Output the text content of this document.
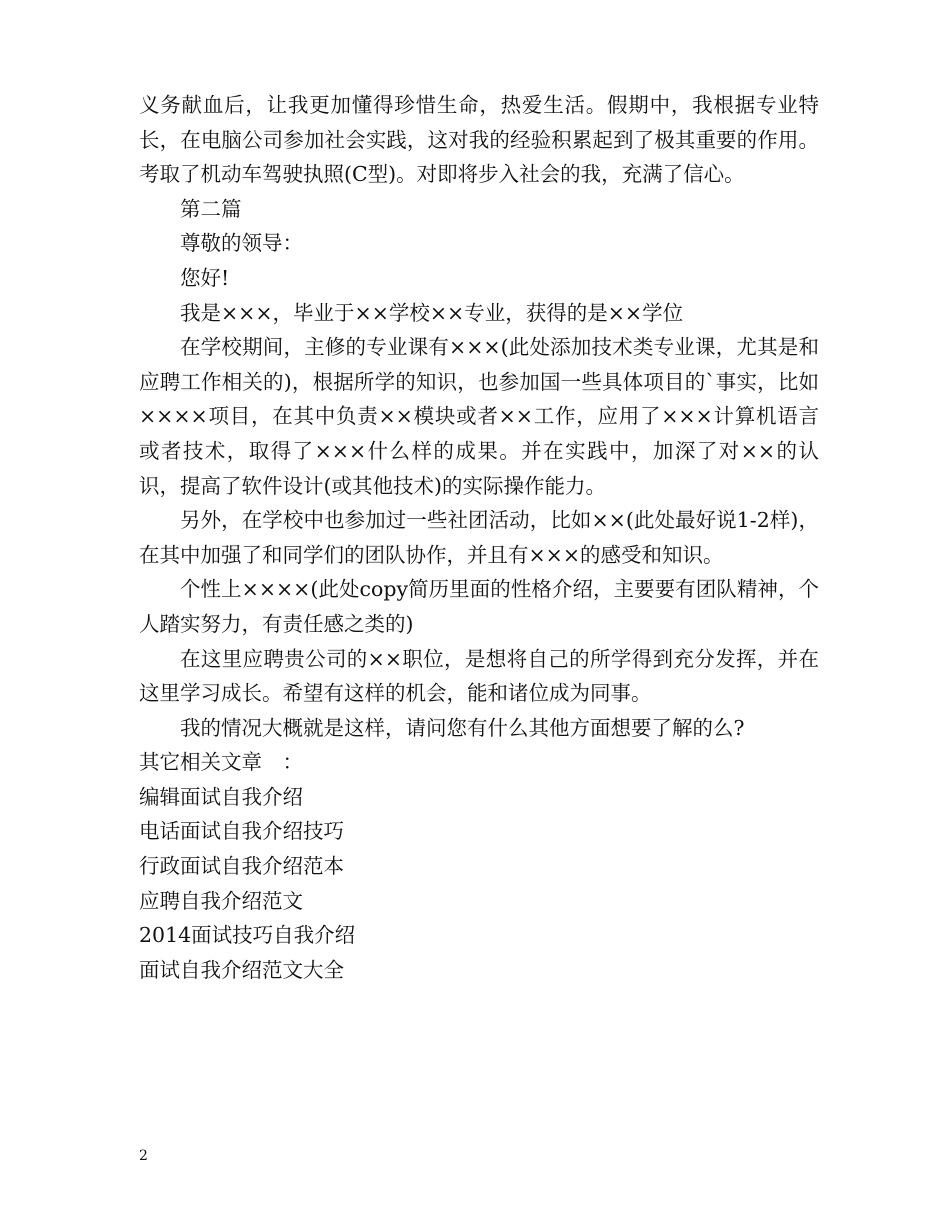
义务献血后，让我更加懂得珍惜生命，热爱生活。假期中，我根据专业特长，在电脑公司参加社会实践，这对我的经验积累起到了极其重要的作用。考取了机动车驾驶执照(C型)。对即将步入社会的我，充满了信心。

第二篇

尊敬的领导：

您好!

我是×××，毕业于××学校××专业，获得的是××学位

在学校期间，主修的专业课有×××(此处添加技术类专业课，尤其是和应聘工作相关的)，根据所学的知识，也参加国一些具体项目的`事实，比如××××项目，在其中负责××模块或者××工作，应用了×××计算机语言或者技术，取得了×××什么样的成果。并在实践中，加深了对××的认识，提高了软件设计(或其他技术)的实际操作能力。

另外，在学校中也参加过一些社团活动，比如××(此处最好说1-2样)，在其中加强了和同学们的团队协作，并且有×××的感受和知识。

个性上××××(此处copy简历里面的性格介绍，主要要有团队精神，个人踏实努力，有责任感之类的)

在这里应聘贵公司的××职位，是想将自己的所学得到充分发挥，并在这里学习成长。希望有这样的机会，能和诸位成为同事。

我的情况大概就是这样，请问您有什么其他方面想要了解的么?

其它相关文章　：

编辑面试自我介绍

电话面试自我介绍技巧

行政面试自我介绍范本

应聘自我介绍范文

2014面试技巧自我介绍

面试自我介绍范文大全

2
